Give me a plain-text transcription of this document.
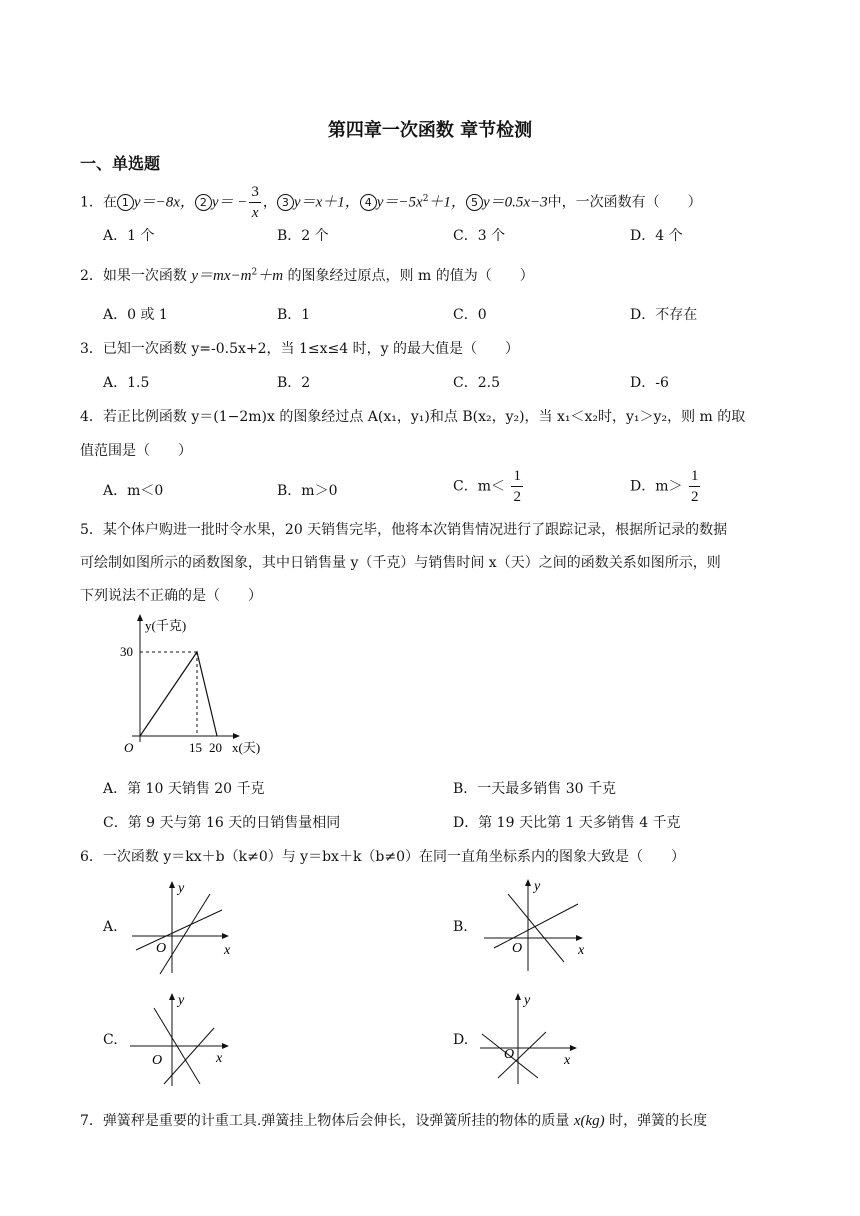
第四章一次函数 章节检测
一、单选题
1．在 1 y＝−8x， 2 $y= - \frac{3}{x}$ ， 3 y＝x＋1， 4 $y=-5x^2+1$， 5 y＝0.5x−3中，一次函数有（　　）
A．1 个	B．2 个	C．3 个	D．4 个
2．如果一次函数 $y=mx-m^2+m$ 的图象经过原点，则 m 的值为（　　）
A．0 或 1	B．1	C．0	D．不存在
3．已知一次函数 y=-0.5x+2，当 1≤x≤4 时，y 的最大值是（　　）
A．1.5	B．2	C．2.5	D．-6
4．若正比例函数 y＝(1−2m)x 的图象经过点 A(x₁，y₁)和点 B(x₂，y₂)，当 x₁＜x₂时，y₁＞y₂，则 m 的取
值范围是（　　）
A．m＜0	B．m＞0	C．$m< \frac{1}{2}$	D．$m> \frac{1}{2}$
5．某个体户购进一批时令水果，20 天销售完毕，他将本次销售情况进行了跟踪记录，根据所记录的数据
可绘制如图所示的函数图象，其中日销售量 y（千克）与销售时间 x（天）之间的函数关系如图所示，则
下列说法不正确的是（　　）
y(千克)
30
O	15 20 x(天)
A．第 10 天销售 20 千克	B．一天最多销售 30 千克
C．第 9 天与第 16 天的日销售量相同	D．第 19 天比第 1 天多销售 4 千克
6．一次函数 y＝kx＋b（k≠0）与 y＝bx＋k（b≠0）在同一直角坐标系内的图象大致是（　　）
A.
y
O	x
B.
y
O	x
C.
y
O	x
D.
y
O	x
7．弹簧秤是重要的计重工具.弹簧挂上物体后会伸长，设弹簧所挂的物体的质量 x(kg) 时，弹簧的长度
